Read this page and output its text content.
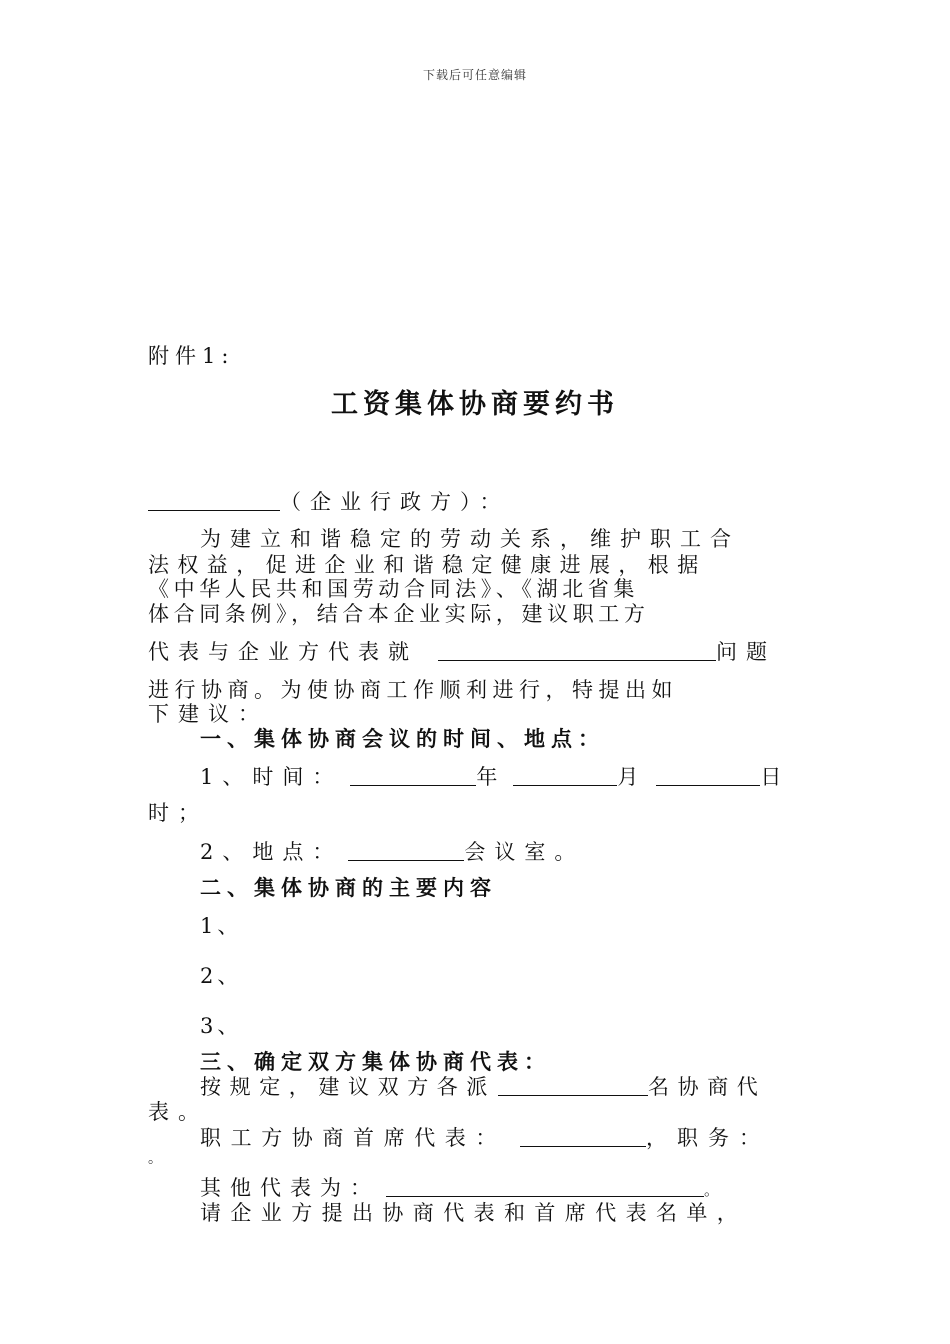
下载后可任意编辑
附件1:
工资集体协商要约书
（企业行政方）：
为建立和谐稳定的劳动关系，维护职工合
法权益，促进企业和谐稳定健康进展，根据
《中华人民共和国劳动合同法》、《湖北省集
体合同条例》，结合本企业实际，建议职工方
代表与企业方代表就	问题
进行协商。为使协商工作顺利进行，特提出如
下建议：
一、集体协商会议的时间、地点：
1、时间：	年	月	日
时；
2、地点：	会议室。
二、集体协商的主要内容
1、
2、
3、
三、确定双方集体协商代表：
按规定，建议双方各派	名协商代
表。
职工方协商首席代表：	，职务：
。
其他代表为：	。
请企业方提出协商代表和首席代表名单，
